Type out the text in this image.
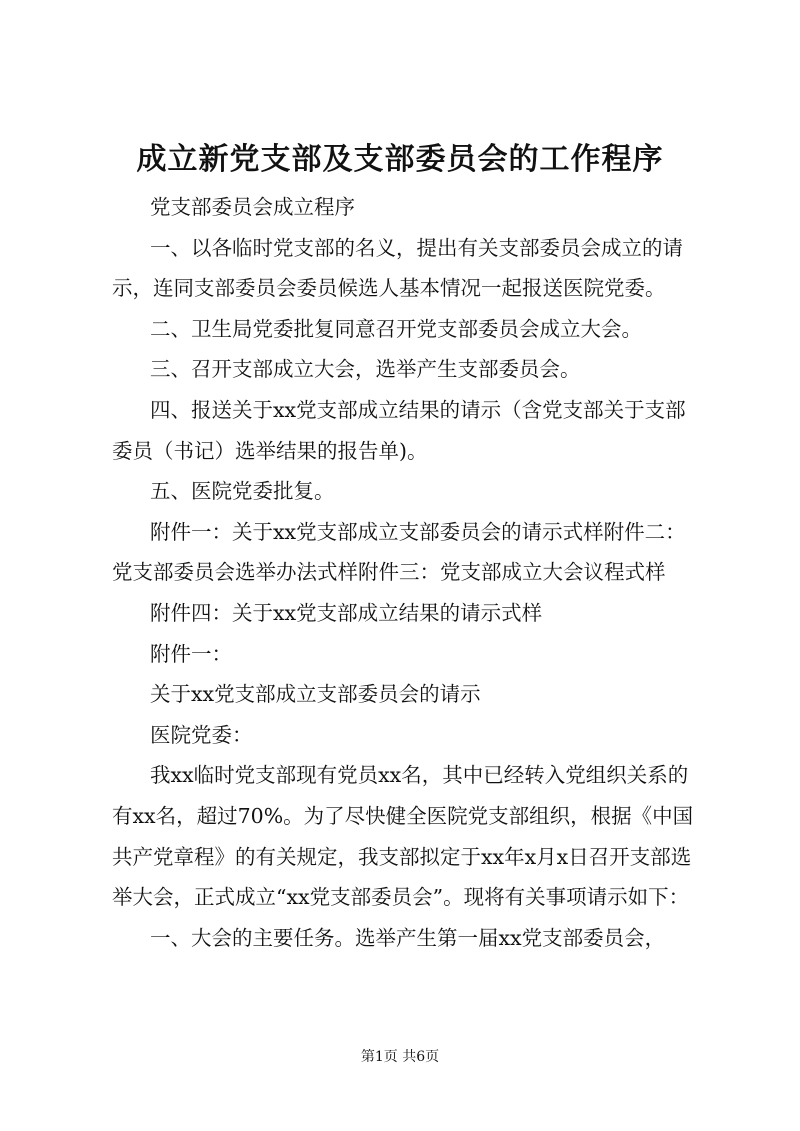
成立新党支部及支部委员会的工作程序

党支部委员会成立程序

一、以各临时党支部的名义，提出有关支部委员会成立的请示，连同支部委员会委员候选人基本情况一起报送医院党委。

二、卫生局党委批复同意召开党支部委员会成立大会。

三、召开支部成立大会，选举产生支部委员会。

四、报送关于xx党支部成立结果的请示（含党支部关于支部委员（书记）选举结果的报告单)。

五、医院党委批复。

附件一：关于xx党支部成立支部委员会的请示式样附件二：党支部委员会选举办法式样附件三：党支部成立大会议程式样

附件四：关于xx党支部成立结果的请示式样

附件一：

关于xx党支部成立支部委员会的请示

医院党委：

我xx临时党支部现有党员xx名，其中已经转入党组织关系的有xx名，超过70%。为了尽快健全医院党支部组织，根据《中国共产党章程》的有关规定，我支部拟定于xx年x月x日召开支部选举大会，正式成立“xx党支部委员会”。现将有关事项请示如下：

一、大会的主要任务。选举产生第一届xx党支部委员会，

第1页 共6页
